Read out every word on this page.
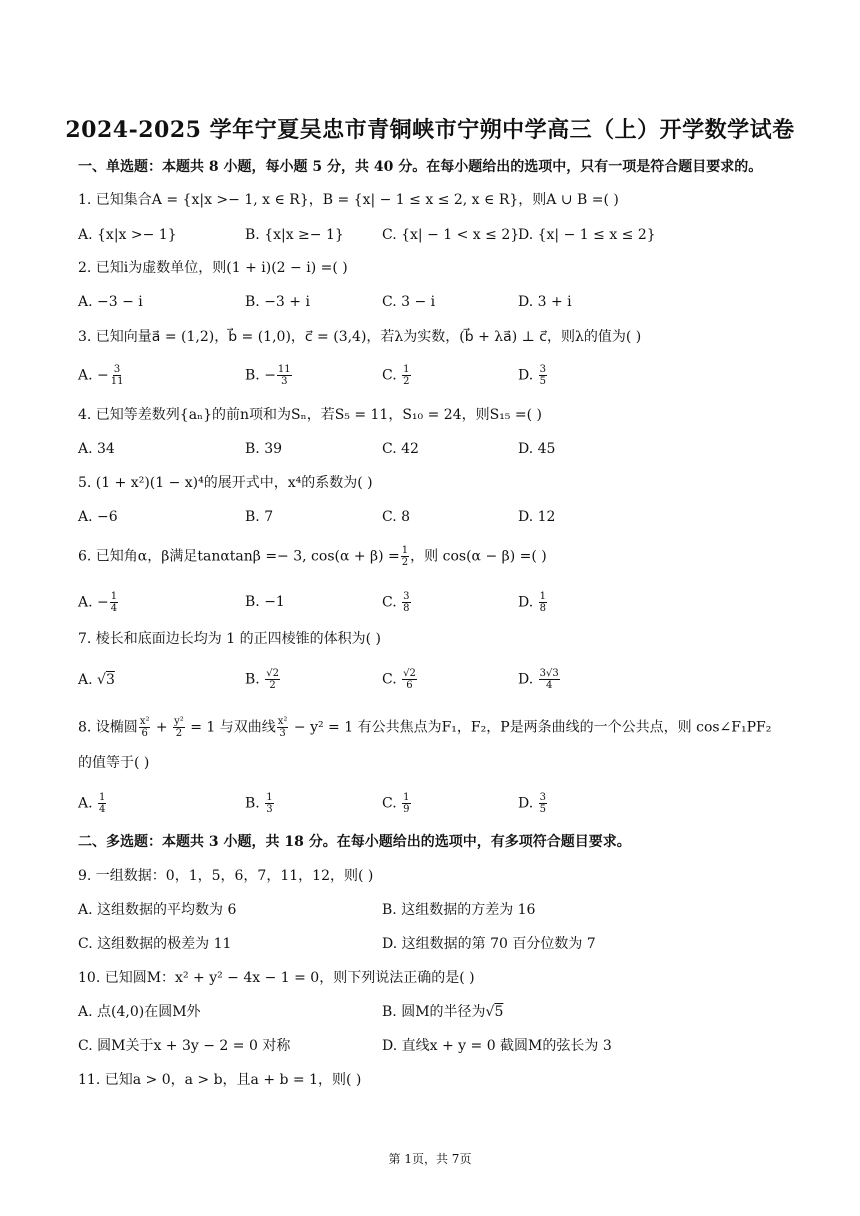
2024-2025 学年宁夏吴忠市青铜峡市宁朔中学高三（上）开学数学试卷
一、单选题：本题共 8 小题，每小题 5 分，共 40 分。在每小题给出的选项中，只有一项是符合题目要求的。
1. 已知集合A = {x|x >− 1, x ∈ R}，B = {x| − 1 ≤ x ≤ 2, x ∈ R}，则A ∪ B =( )
A. {x|x >− 1}	B. {x|x ≥− 1}	C. {x| − 1 < x ≤ 2}
D. {x| − 1 ≤ x ≤ 2}
2. 已知i为虚数单位，则(1 + i)(2 − i) =( )
A. −3 − i	B. −3 + i	C. 3 − i	D. 3 + i
3. 已知向量a⃗ = (1,2)，b⃗ = (1,0)，c⃗ = (3,4)，若λ为实数，(b⃗ + λa⃗) ⊥ c⃗，则λ的值为( )
A. − $\frac{3}{11}$	B. − $\frac{11}{3}$	C. $\frac{1}{2}$	D. $\frac{3}{5}$
4. 已知等差数列{aₙ}的前n项和为Sₙ，若S₅ = 11，S₁₀ = 24，则S₁₅ =( )
A. 34	B. 39	C. 42	D. 45
5. (1 + x²)(1 − x)⁴的展开式中，x⁴的系数为( )
A. −6	B. 7	C. 8	D. 12
6. 已知角α，β满足tanαtanβ =− 3, $\cos(\alpha + \beta) = \frac{1}{2}$ ，则 cos(α − β) =( )
A. − $\frac{1}{4}$	B. −1	C. $\frac{3}{8}$	D. $\frac{1}{8}$
7. 棱长和底面边长均为 1 的正四棱锥的体积为( )
A. √3	B. $\frac{√2}{2}$	C. $\frac{√2}{6}$	D. $\frac{3√3}{4}$
8. 设椭圆 $\frac{\text{x²}}{6} + \frac{\text{y²}}{2} = 1$ 与双曲线 $\frac{\text{x²}}{3} - y^2 = 1$ 有公共焦点为F₁，F₂，P是两条曲线的一个公共点，则 cos∠F₁PF₂
的值等于( )
A. $\frac{1}{4}$	B. $\frac{1}{3}$	C. $\frac{1}{9}$	D. $\frac{3}{5}$
二、多选题：本题共 3 小题，共 18 分。在每小题给出的选项中，有多项符合题目要求。
9. 一组数据：0，1，5，6，7，11，12，则( )
A. 这组数据的平均数为 6	B. 这组数据的方差为 16
C. 这组数据的极差为 11	D. 这组数据的第 70 百分位数为 7
10. 已知圆M：x² + y² − 4x − 1 = 0，则下列说法正确的是( )
A. 点(4,0)在圆M外	B. 圆M的半径为√5
C. 圆M关于x + 3y − 2 = 0 对称	D. 直线x + y = 0 截圆M的弦长为 3
11. 已知a > 0，a > b，且a + b = 1，则( )
第 1页，共 7页
